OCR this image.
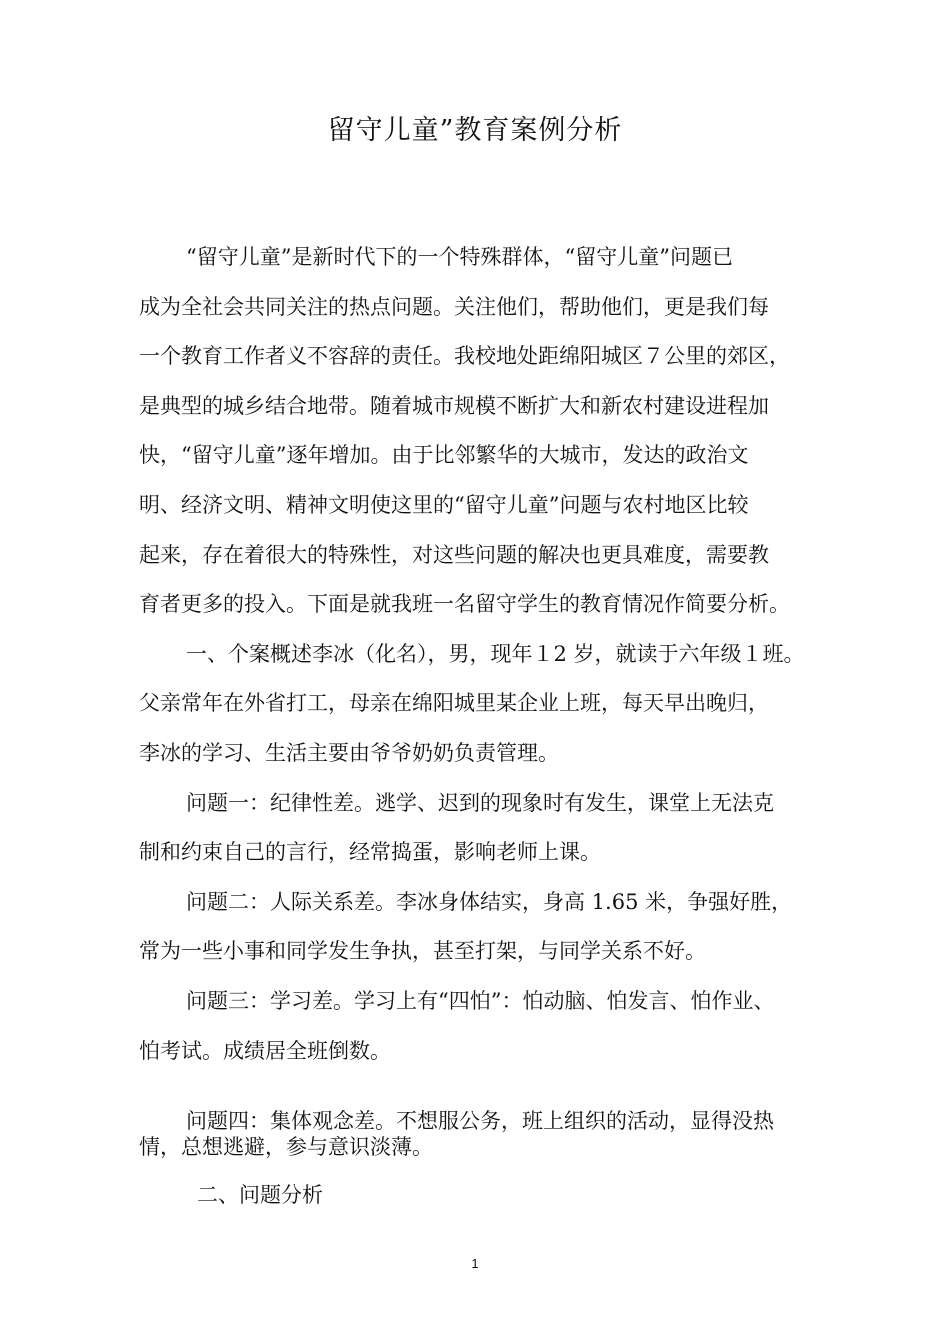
留守儿童”教育案例分析
“留守儿童”是新时代下的一个特殊群体，“留守儿童”问题已
成为全社会共同关注的热点问题。关注他们，帮助他们，更是我们每
一个教育工作者义不容辞的责任。我校地处距绵阳城区７公里的郊区，
是典型的城乡结合地带。随着城市规模不断扩大和新农村建设进程加
快，“留守儿童”逐年增加。由于比邻繁华的大城市，发达的政治文
明、经济文明、精神文明使这里的“留守儿童”问题与农村地区比较
起来，存在着很大的特殊性，对这些问题的解决也更具难度，需要教
育者更多的投入。下面是就我班一名留守学生的教育情况作简要分析。
一、个案概述李冰（化名），男，现年１2 岁，就读于六年级１班。
父亲常年在外省打工，母亲在绵阳城里某企业上班，每天早出晚归，
李冰的学习、生活主要由爷爷奶奶负责管理。
问题一：纪律性差。逃学、迟到的现象时有发生，课堂上无法克
制和约束自己的言行，经常捣蛋，影响老师上课。
问题二：人际关系差。李冰身体结实，身高 1.65 米，争强好胜，
常为一些小事和同学发生争执，甚至打架，与同学关系不好。
问题三：学习差。学习上有“四怕”：怕动脑、怕发言、怕作业、
怕考试。成绩居全班倒数。
问题四：集体观念差。不想服公务，班上组织的活动，显得没热
情，总想逃避，参与意识淡薄。
二、问题分析
1
